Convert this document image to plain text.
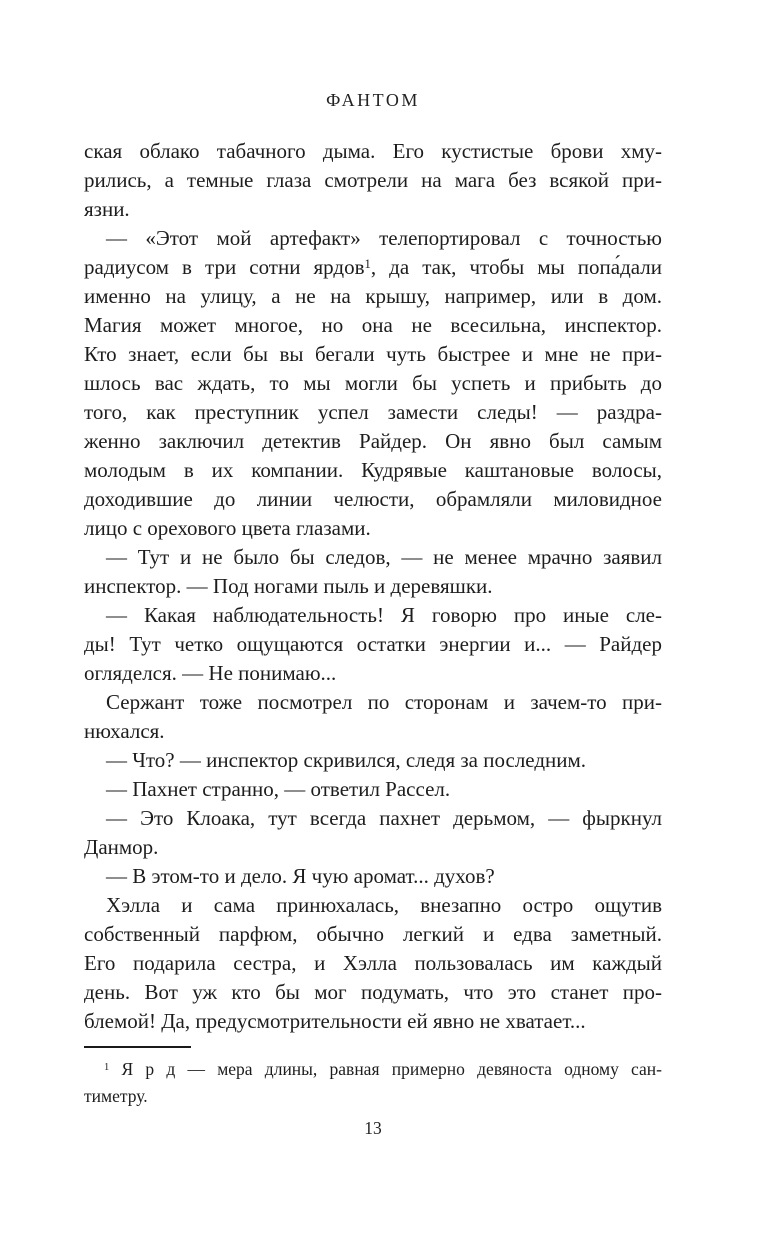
ФАНТОМ
ская облако табачного дыма. Его кустистые брови хму-
рились, а темные глаза смотрели на мага без всякой при-
язни.
— «Этот мой артефакт» телепортировал с точностью
радиусом в три сотни ярдов$^1$, да так, чтобы мы попа́дали
именно на улицу, а не на крышу, например, или в дом.
Магия может многое, но она не всесильна, инспектор.
Кто знает, если бы вы бегали чуть быстрее и мне не при-
шлось вас ждать, то мы могли бы успеть и прибыть до
того, как преступник успел замести следы! — раздра-
женно заключил детектив Райдер. Он явно был самым
молодым в их компании. Кудрявые каштановые волосы,
доходившие до линии челюсти, обрамляли миловидное
лицо с орехового цвета глазами.
— Тут и не было бы следов, — не менее мрачно заявил
инспектор. — Под ногами пыль и деревяшки.
— Какая наблюдательность! Я говорю про иные сле-
ды! Тут четко ощущаются остатки энергии и... — Райдер
огляделся. — Не понимаю...
Сержант тоже посмотрел по сторонам и зачем-то при-
нюхался.
— Что? — инспектор скривился, следя за последним.
— Пахнет странно, — ответил Рассел.
— Это Клоака, тут всегда пахнет дерьмом, — фыркнул
Данмор.
— В этом-то и дело. Я чую аромат... духов?
Хэлла и сама принюхалась, внезапно остро ощутив
собственный парфюм, обычно легкий и едва заметный.
Его подарила сестра, и Хэлла пользовалась им каждый
день. Вот уж кто бы мог подумать, что это станет про-
блемой! Да, предусмотрительности ей явно не хватает...
$^1$ Я р д — мера длины, равная примерно девяноста одному сан-
тиметру.
13
